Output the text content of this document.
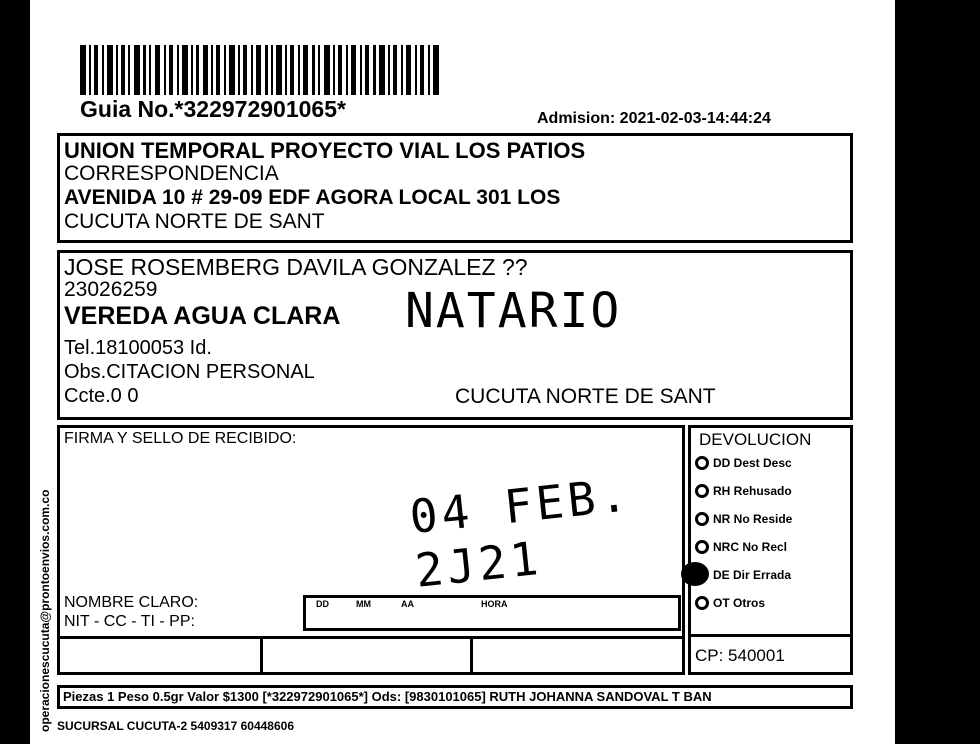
Guia No.*322972901065*	Admision: 2021-02-03-14:44:24
UNION TEMPORAL PROYECTO VIAL LOS PATIOS
CORRESPONDENCIA
AVENIDA 10 # 29-09 EDF AGORA LOCAL 301 LOS
CUCUTA NORTE DE SANT
JOSE ROSEMBERG DAVILA GONZALEZ ??
23026259
VEREDA AGUA CLARA NATARIO
Tel.18100053 Id.
Obs.CITACION PERSONAL
Ccte.0 0	CUCUTA NORTE DE SANT
FIRMA Y SELLO DE RECIBIDO:
04 FEB. 2J21
NOMBRE CLARO:
NIT - CC - TI - PP:
DD	MM	AA	HORA
DEVOLUCION
DD Dest Desc
RH Rehusado
NR No Reside
NRC No Recl
DE Dir Errada
OT Otros
CP: 540001
Piezas 1 Peso 0.5gr Valor $1300 [*322972901065*] Ods: [9830101065] RUTH JOHANNA SANDOVAL T BAN
SUCURSAL CUCUTA-2 5409317 60448606
operacionescucuta@prontoenvios.com.co
